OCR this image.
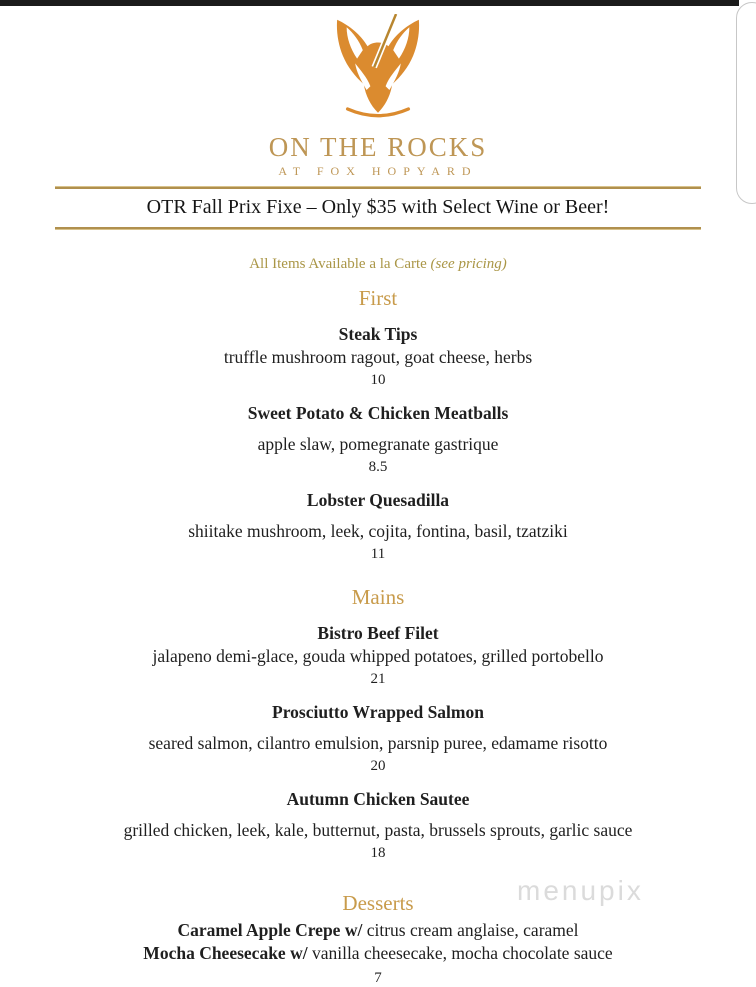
ON THE ROCKS
AT FOX HOPYARD
OTR Fall Prix Fixe – Only $35 with Select Wine or Beer!
All Items Available a la Carte (see pricing)
First
Steak Tips
truffle mushroom ragout, goat cheese, herbs
10
Sweet Potato & Chicken Meatballs
apple slaw, pomegranate gastrique
8.5
Lobster Quesadilla
shiitake mushroom, leek, cojita, fontina, basil, tzatziki
11
Mains
Bistro Beef Filet
jalapeno demi-glace, gouda whipped potatoes, grilled portobello
21
Prosciutto Wrapped Salmon
seared salmon, cilantro emulsion, parsnip puree, edamame risotto
20
Autumn Chicken Sautee
grilled chicken, leek, kale, butternut, pasta, brussels sprouts, garlic sauce
18
Desserts
Caramel Apple Crepe w/ citrus cream anglaise, caramel
Mocha Cheesecake w/ vanilla cheesecake, mocha chocolate sauce
7
menupix
